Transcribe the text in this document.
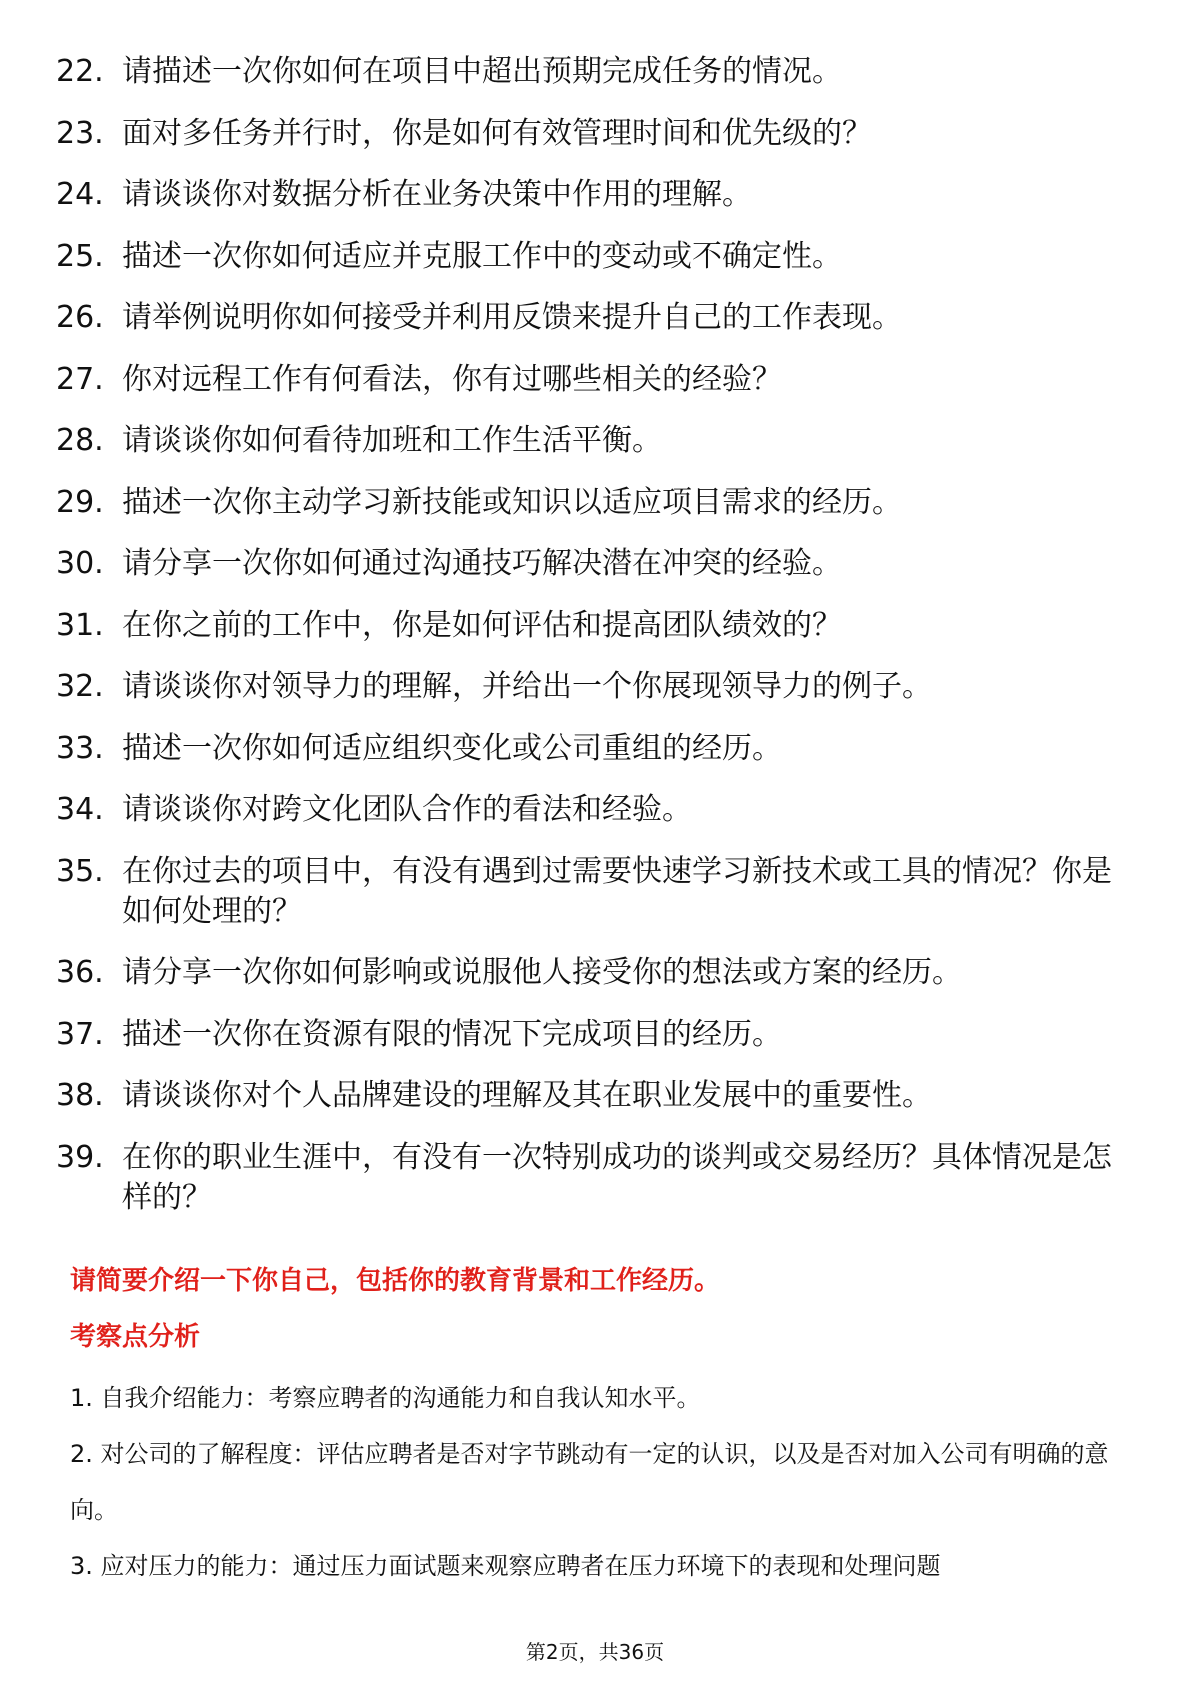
22. 请描述一次你如何在项目中超出预期完成任务的情况。
23. 面对多任务并行时，你是如何有效管理时间和优先级的？
24. 请谈谈你对数据分析在业务决策中作用的理解。
25. 描述一次你如何适应并克服工作中的变动或不确定性。
26. 请举例说明你如何接受并利用反馈来提升自己的工作表现。
27. 你对远程工作有何看法，你有过哪些相关的经验？
28. 请谈谈你如何看待加班和工作生活平衡。
29. 描述一次你主动学习新技能或知识以适应项目需求的经历。
30. 请分享一次你如何通过沟通技巧解决潜在冲突的经验。
31. 在你之前的工作中，你是如何评估和提高团队绩效的？
32. 请谈谈你对领导力的理解，并给出一个你展现领导力的例子。
33. 描述一次你如何适应组织变化或公司重组的经历。
34. 请谈谈你对跨文化团队合作的看法和经验。
35. 在你过去的项目中，有没有遇到过需要快速学习新技术或工具的情况？你是如何处理的？
36. 请分享一次你如何影响或说服他人接受你的想法或方案的经历。
37. 描述一次你在资源有限的情况下完成项目的经历。
38. 请谈谈你对个人品牌建设的理解及其在职业发展中的重要性。
39. 在你的职业生涯中，有没有一次特别成功的谈判或交易经历？具体情况是怎样的？

请简要介绍一下你自己，包括你的教育背景和工作经历。

考察点分析
1. 自我介绍能力：考察应聘者的沟通能力和自我认知水平。
2. 对公司的了解程度：评估应聘者是否对字节跳动有一定的认识，以及是否对加入公司有明确的意向。
3. 应对压力的能力：通过压力面试题来观察应聘者在压力环境下的表现和处理问题
第2页，共36页
